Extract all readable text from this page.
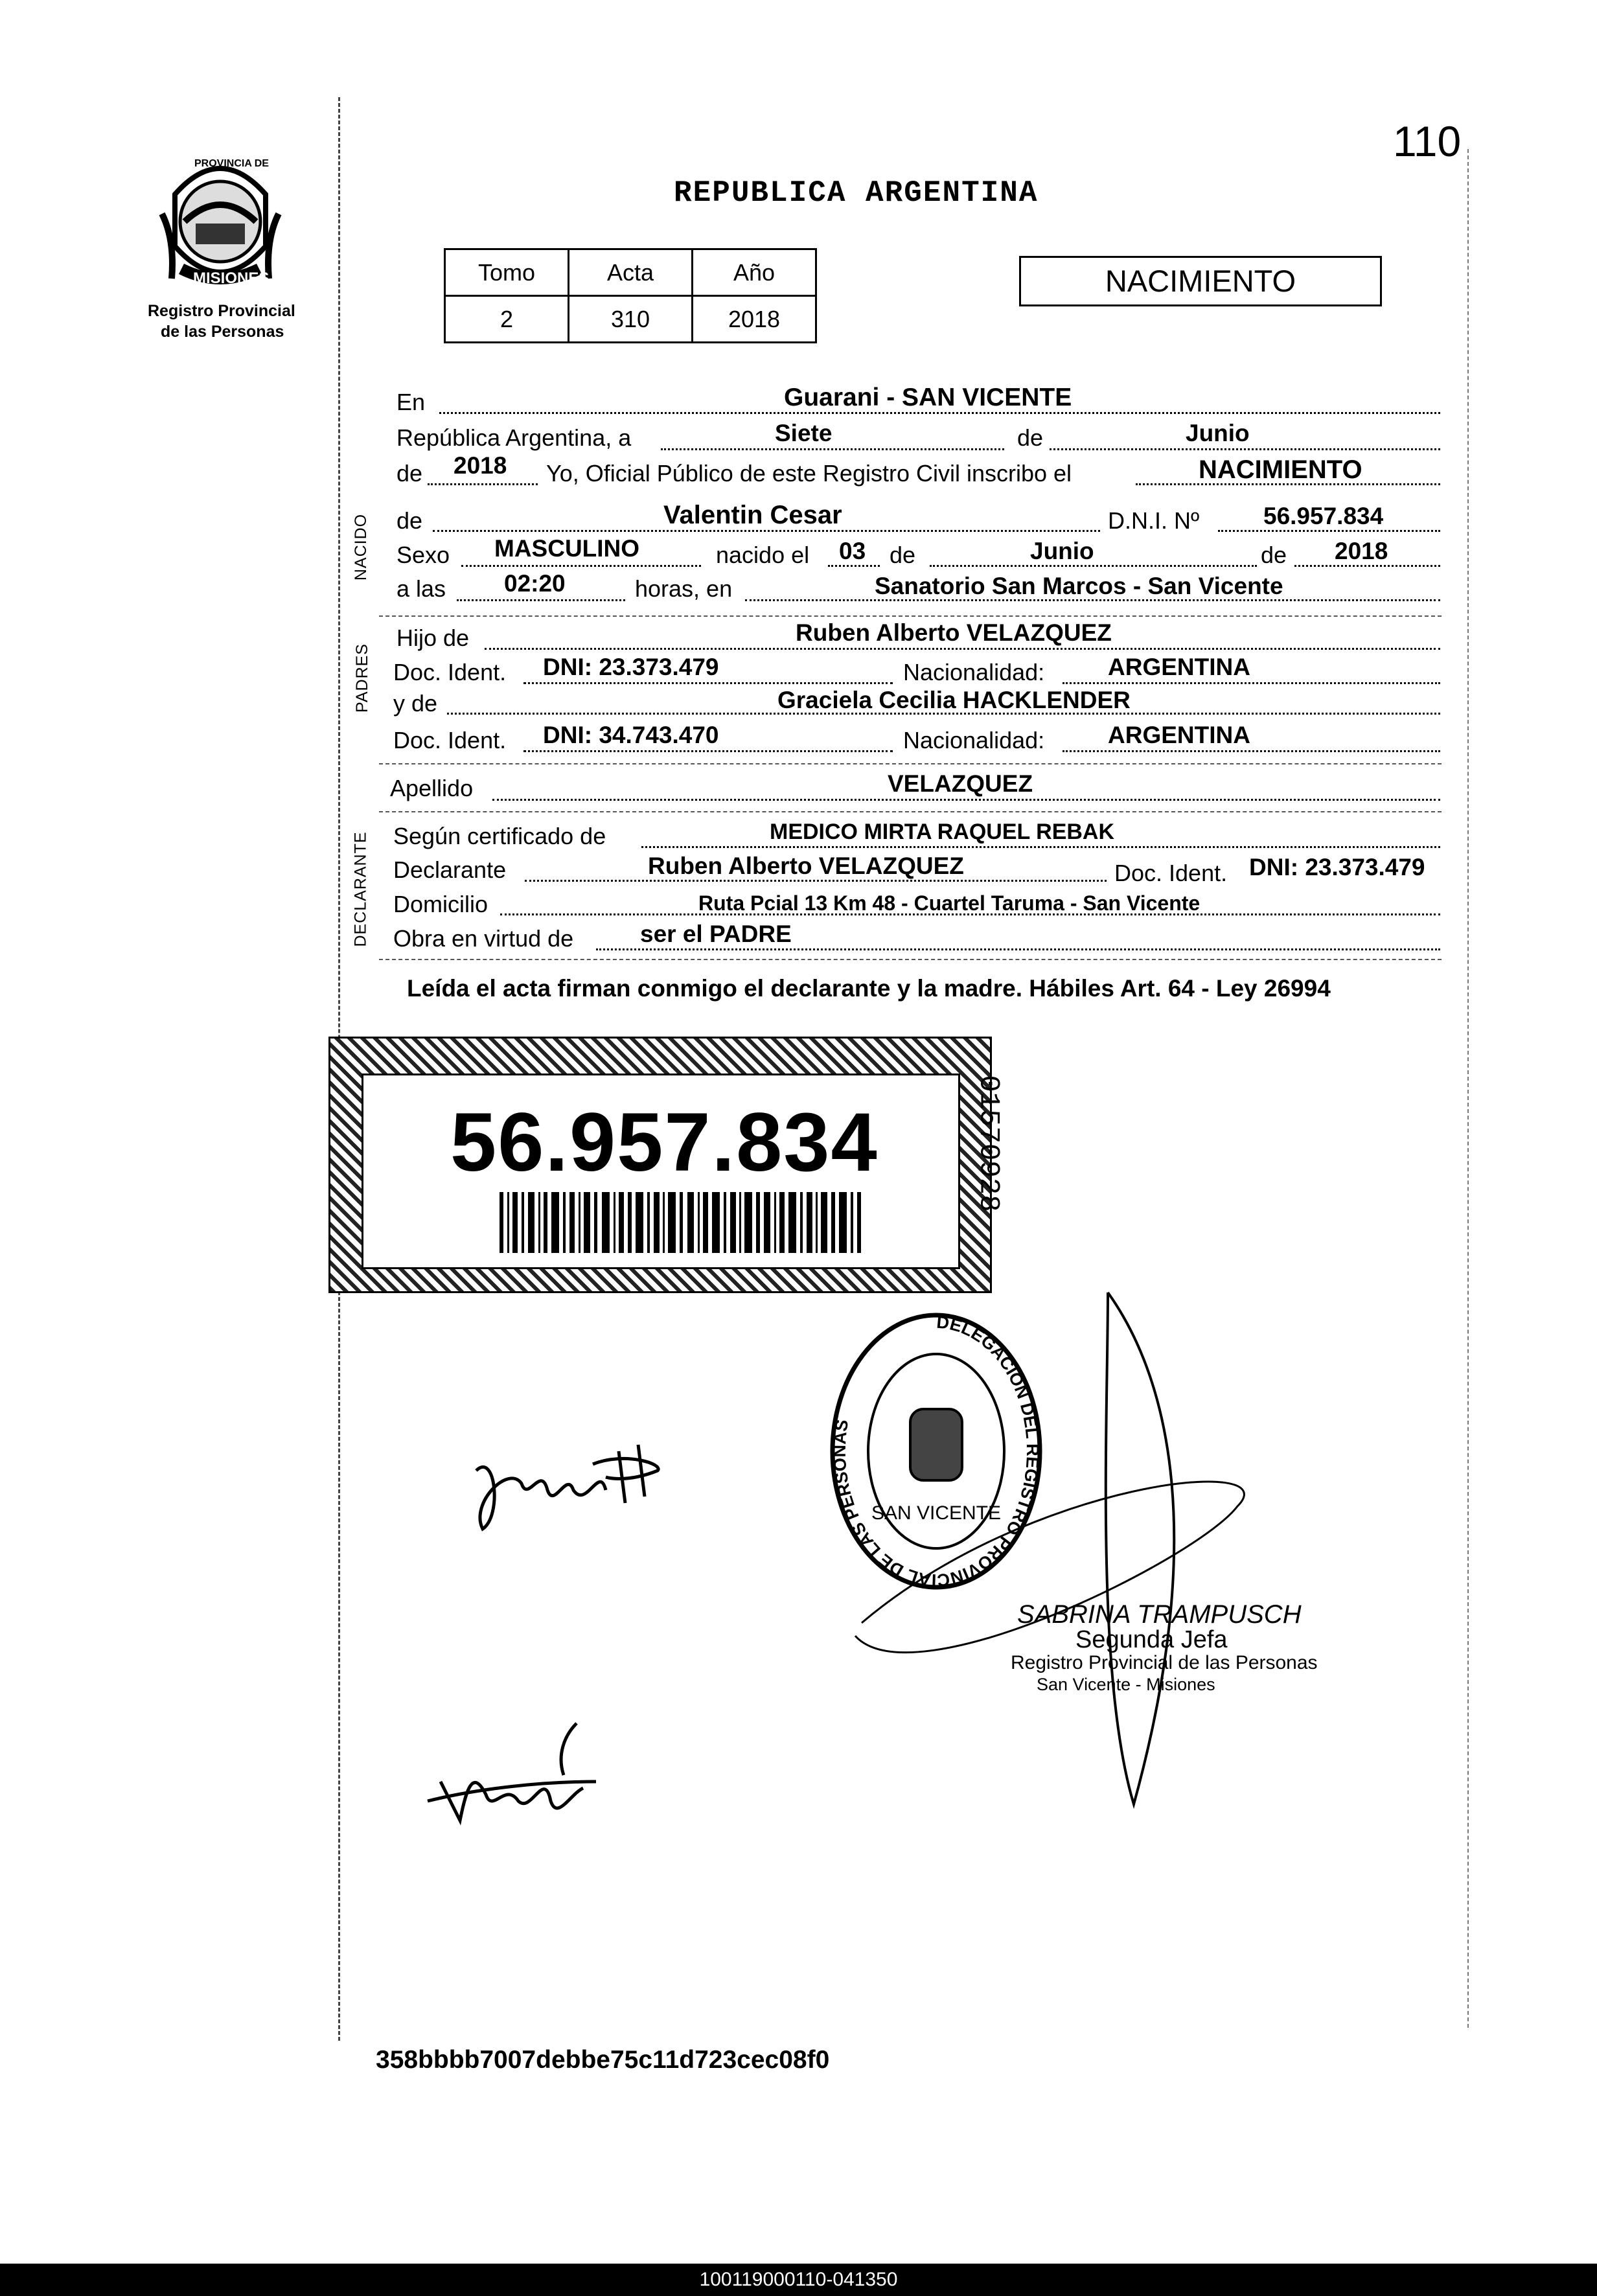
110
PROVINCIA DE
MISIONES
Registro Provincial
de las Personas
REPUBLICA ARGENTINA
Tomo	Acta	Año
2	310	2018
NACIMIENTO
En	Guarani - SAN VICENTE
República Argentina, a	Siete	de	Junio
de 2018 Yo, Oficial Público de este Registro Civil inscribo el	NACIMIENTO
NACIDO de	Valentin Cesar	D.N.I. Nº	56.957.834
Sexo MASCULINO	nacido el 03 de	Junio	de 2018
a las 02:20	horas, en	Sanatorio San Marcos - San Vicente
PADRES
Hijo de	Ruben Alberto VELAZQUEZ
Doc. Ident. DNI: 23.373.479	Nacionalidad:	ARGENTINA
y de	Graciela Cecilia HACKLENDER
Doc. Ident. DNI: 34.743.470	Nacionalidad:	ARGENTINA
Apellido	VELAZQUEZ
DECLARANTE Según certificado de	MEDICO MIRTA RAQUEL REBAK
Declarante	Ruben Alberto VELAZQUEZ	Doc. Ident. DNI: 23.373.479
Domicilio	Ruta Pcial 13 Km 48 - Cuartel Taruma - San Vicente
Obra en virtud de	ser el PADRE
Leída el acta firman conmigo el declarante y la madre. Hábiles Art. 64 - Ley 26994
56.957.834	01570928
DELEGACION DEL REGISTRO PROVINCIAL DE LAS PERSONAS
SAN VICENTE
SABRINA TRAMPUSCH
Segunda Jefa
Registro Provincial de las Personas
San Vicente - Misiones
358bbbb7007debbe75c11d723cec08f0
100119000110-041350
